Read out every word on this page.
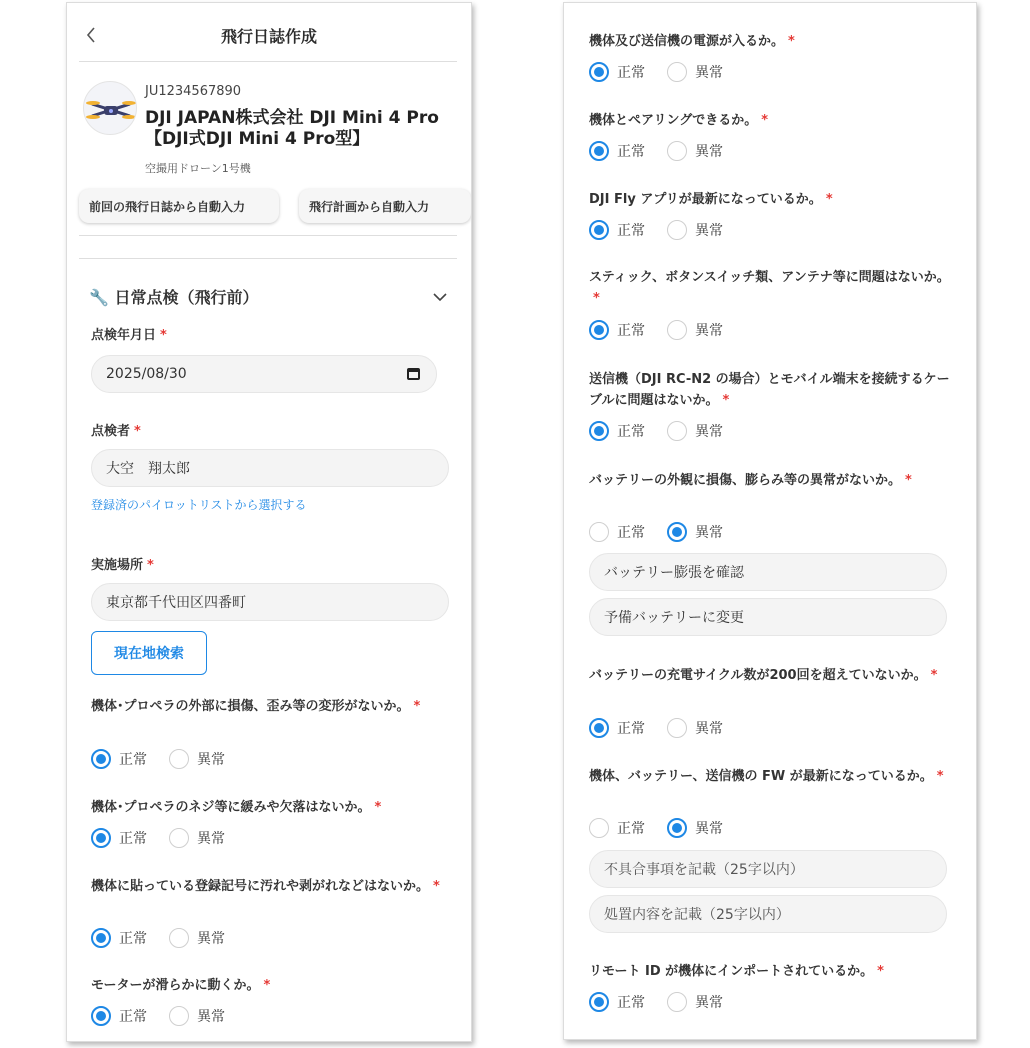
飛行日誌作成
JU1234567890
DJI JAPAN株式会社 DJI Mini 4 Pro【DJI式DJI Mini 4 Pro型】
空撮用ドローン1号機
前回の飛行日誌から自動入力	飛行計画から自動入力
🔧 日常点検（飛行前）
点検年月日 *
2025/08/30
点検者 *
大空　翔太郎
登録済のパイロットリストから選択する
実施場所 *
東京都千代田区四番町
現在地検索
機体･プロペラの外部に損傷、歪み等の変形がないか。 *
正常	異常
機体･プロペラのネジ等に緩みや欠落はないか。 *
正常	異常
機体に貼っている登録記号に汚れや剥がれなどはないか。 *
正常	異常
モーターが滑らかに動くか。 *
正常	異常
機体及び送信機の電源が入るか。 *
正常	異常
機体とペアリングできるか。 *
正常	異常
DJI Fly アプリが最新になっているか。 *
正常	異常
スティック、ボタンスイッチ類、アンテナ等に問題はないか。*
正常	異常
送信機（DJI RC-N2 の場合）とモバイル端末を接続するケーブルに問題はないか。 *
正常	異常
バッテリーの外観に損傷、膨らみ等の異常がないか。 *
正常	異常
バッテリーの充電サイクル数が200回を超えていないか。 *
正常	異常
機体、バッテリー、送信機の FW が最新になっているか。 *
正常	異常
リモート ID が機体にインポートされているか。 *
正常	異常
バッテリー膨張を確認
予備バッテリーに変更
不具合事項を記載（25字以内）
処置内容を記載（25字以内）
